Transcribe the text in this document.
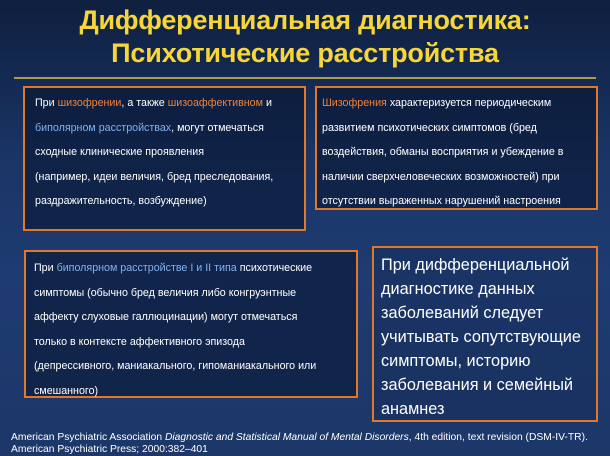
Дифференциальная диагностика:
Психотические расстройства
При шизофрении, а также шизоаффективном и
биполярном расстройствах, могут отмечаться
сходные клинические проявления
(например, идеи величия, бред преследования,
раздражительность, возбуждение)
Шизофрения характеризуется периодическим
развитием психотических симптомов (бред
воздействия, обманы восприятия и убеждение в
наличии сверхчеловеческих возможностей) при
отсутствии выраженных нарушений настроения
При биполярном расстройстве I и II типа психотические
симптомы (обычно бред величия либо конгруэнтные
аффекту слуховые галлюцинации) могут отмечаться
только в контексте аффективного эпизода
(депрессивного, маниакального, гипоманиакального или
смешанного)
При дифференциальной
диагностике данных
заболеваний следует
учитывать сопутствующие
симптомы, историю
заболевания и семейный
анамнез
American Psychiatric Association Diagnostic and Statistical Manual of Mental Disorders, 4th edition, text revision (DSM-IV-TR).
American Psychiatric Press; 2000:382–401
